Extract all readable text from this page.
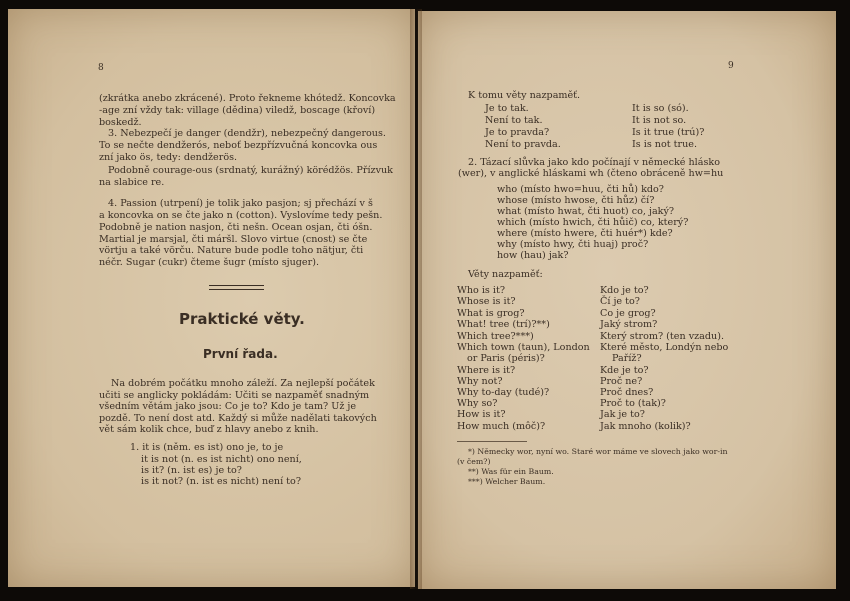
8
(zkrátka anebo zkrácené). Proto řekneme khótedž. Koncovka
-age zní vždy tak: village (dědina) viledž, boscage (křoví)
boskedž.
3. Nebezpečí je danger (dendžr), nebezpečný dangerous.
To se nečte dendžerós, neboť bezpřízvučná koncovka ous
zní jako ös, tedy: dendžerös.
Podobně courage-ous (srdnatý, kurážný) körédžös. Přízvuk
na slabice re.
4. Passion (utrpení) je tolik jako pasjon; sj přechází v š
a koncovka on se čte jako n (cotton). Vyslovíme tedy pešn.
Podobně je nation nasjon, čti nešn. Ocean osjan, čti óšn.
Martial je marsjal, čti máršl. Slovo virtue (cnost) se čte
vörtju a také vörču. Nature bude podle toho nätjur, čti
néčr. Sugar (cukr) čteme šugr (místo sjuger).
Praktické věty.
První řada.
Na dobrém počátku mnoho záleží. Za nejlepší počátek
učiti se anglicky pokládám: Učiti se nazpaměť snadným
všedním větám jako jsou: Co je to? Kdo je tam? Už je
pozdě. To není dost atd. Každý si může nadělati takových
vět sám kolik chce, buď z hlavy anebo z knih.
1. it is (něm. es ist) ono je, to je
it is not (n. es ist nicht) ono není,
is it? (n. ist es) je to?
is it not? (n. ist es nicht) není to?
9
K tomu věty nazpaměť.
Je to tak.	It is so (só).
Není to tak.	It is not so.
Je to pravda?	Is it true (trú)?
Není to pravda.	Is is not true.
2. Tázací slůvka jako kdo počínají v německé hlásko
(wer), v anglické hláskami wh (čteno obráceně hw=hu
who (místo hwo=huu, čti hů) kdo?
whose (místo hwose, čti hůz) čí?
what (místo hwat, čti huot) co, jaký?
which (místo hwich, čti hůič) co, který?
where (místo hwere, čti huér*) kde?
why (místo hwy, čti huaj) proč?
how (hau) jak?
Věty nazpaměť:
Who is it?	Kdo je to?
Whose is it?	Čí je to?
What is grog?	Co je grog?
What! tree (trí)?**)	Jaký strom?
Which tree?***)	Který strom? (ten vzadu).
Which town (taun), London Které město, Londýn nebo
or Paris (péris)?	Paříž?
Where is it?	Kde je to?
Why not?	Proč ne?
Why to-day (tudé)?	Proč dnes?
Why so?	Proč to (tak)?
How is it?	Jak je to?
How much (môč)?	Jak mnoho (kolik)?
*) Německy wor, nyní wo. Staré wor máme ve slovech jako wor-in
(v čem?)
**) Was für ein Baum.
***) Welcher Baum.
